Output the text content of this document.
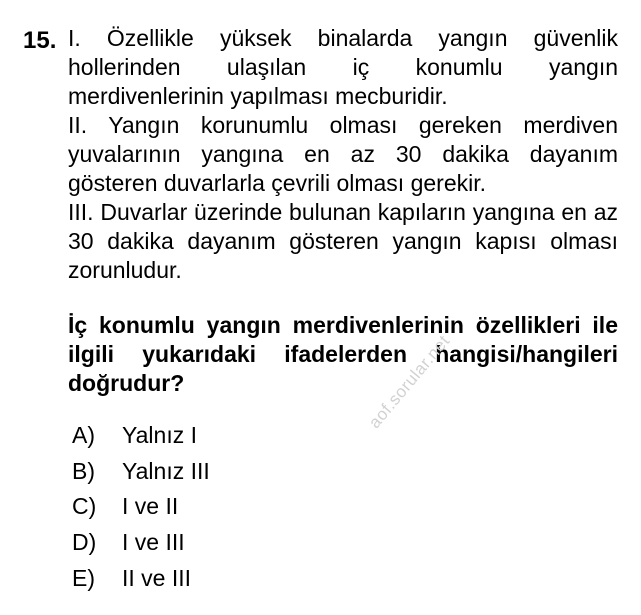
15. I. Özellikle yüksek binalarda yangın güvenlik hollerinden ulaşılan iç konumlu yangın merdivenlerinin yapılması mecburidir.

II. Yangın korunumlu olması gereken merdiven yuvalarının yangına en az 30 dakika dayanım gösteren duvarlarla çevrili olması gerekir.

III. Duvarlar üzerinde bulunan kapıların yangına en az 30 dakika dayanım gösteren yangın kapısı olması zorunludur.

İç konumlu yangın merdivenlerinin özellikleri ile ilgili yukarıdaki ifadelerden hangisi/hangileri doğrudur?

A)	Yalnız I
B)	Yalnız III
C)	I ve II
D)	I ve III
E)	II ve III
aof.sorular.net
